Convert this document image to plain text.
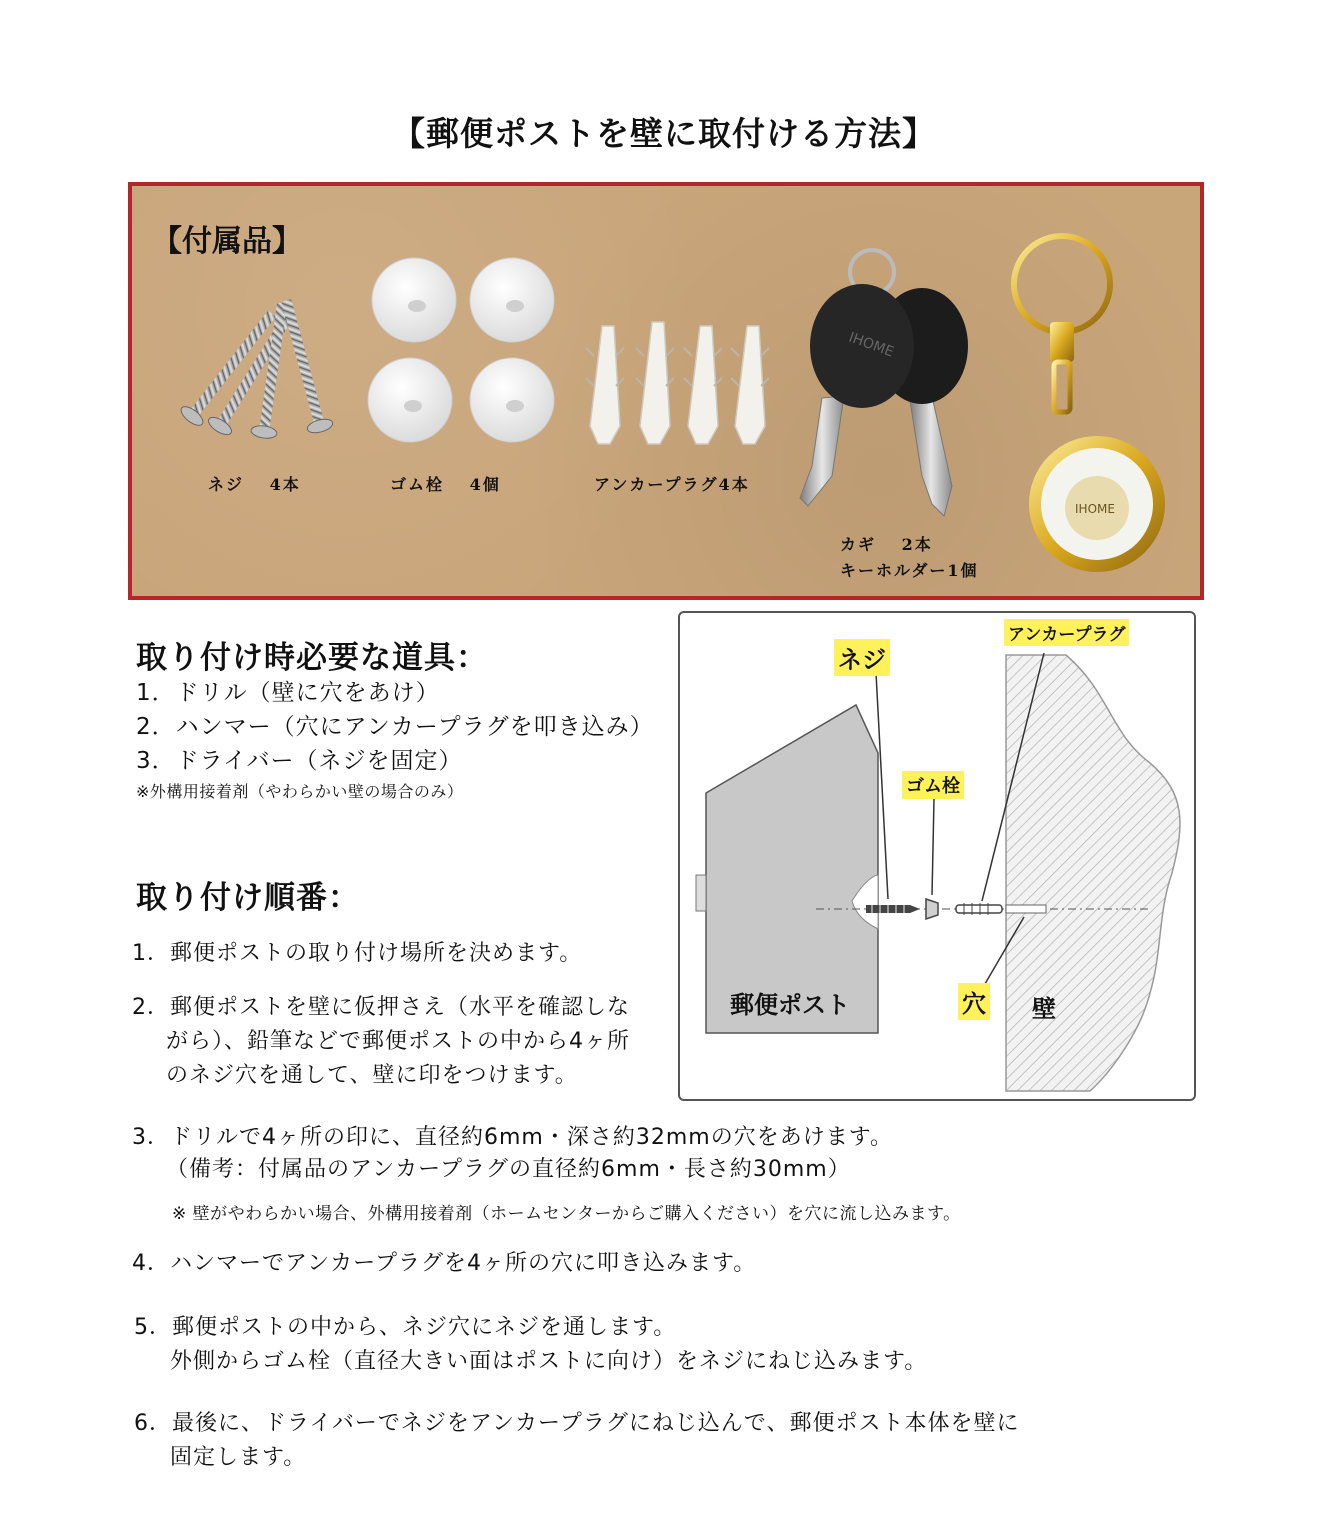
【郵便ポストを壁に取付ける方法】
【付属品】
IHOME
IHOME
ネジ　 4本	ゴム栓　 4個	アンカープラグ4本
カギ　 2本
キーホルダー1個
取り付け時必要な道具：
1．ドリル（壁に穴をあけ）
2．ハンマー（穴にアンカープラグを叩き込み）
3．ドライバー（ネジを固定）
※外構用接着剤（やわらかい壁の場合のみ）
取り付け順番：
1．郵便ポストの取り付け場所を決めます。
2．郵便ポストを壁に仮押さえ（水平を確認しな
がら）、鉛筆などで郵便ポストの中から4ヶ所
のネジ穴を通して、壁に印をつけます。
3．ドリルで4ヶ所の印に、直径約6mm・深さ約32mmの穴をあけます。
（備考：付属品のアンカープラグの直径約6mm・長さ約30mm）
※ 壁がやわらかい場合、外構用接着剤（ホームセンターからご購入ください）を穴に流し込みます。
4．ハンマーでアンカープラグを4ヶ所の穴に叩き込みます。
5．郵便ポストの中から、ネジ穴にネジを通します。
外側からゴム栓（直径大きい面はポストに向け）をネジにねじ込みます。
6．最後に、ドライバーでネジをアンカープラグにねじ込んで、郵便ポスト本体を壁に
固定します。
ネジ
アンカープラグ
ゴム栓
穴
郵便ポスト	壁
